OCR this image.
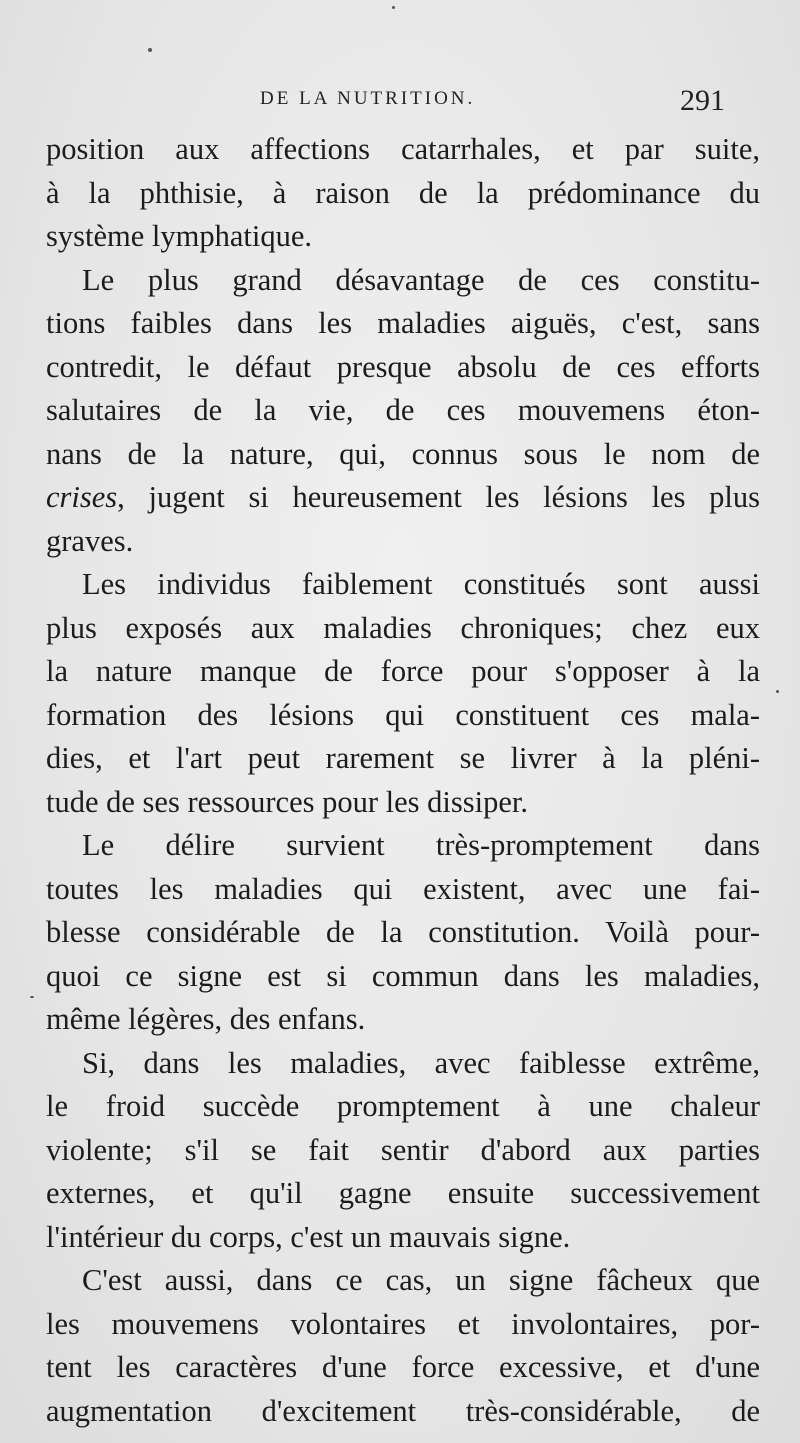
DE LA NUTRITION.	291
position aux affections catarrhales, et par suite,
à la phthisie, à raison de la prédominance du
système lymphatique.
Le plus grand désavantage de ces constitu-
tions faibles dans les maladies aiguës, c'est, sans
contredit, le défaut presque absolu de ces efforts
salutaires de la vie, de ces mouvemens éton-
nans de la nature, qui, connus sous le nom de
crises, jugent si heureusement les lésions les plus
graves.
Les individus faiblement constitués sont aussi
plus exposés aux maladies chroniques; chez eux
la nature manque de force pour s'opposer à la
formation des lésions qui constituent ces mala-
dies, et l'art peut rarement se livrer à la pléni-
tude de ses ressources pour les dissiper.
Le délire survient très-promptement dans
toutes les maladies qui existent, avec une fai-
blesse considérable de la constitution. Voilà pour-
quoi ce signe est si commun dans les maladies,
même légères, des enfans.
Si, dans les maladies, avec faiblesse extrême,
le froid succède promptement à une chaleur
violente; s'il se fait sentir d'abord aux parties
externes, et qu'il gagne ensuite successivement
l'intérieur du corps, c'est un mauvais signe.
C'est aussi, dans ce cas, un signe fâcheux que
les mouvemens volontaires et involontaires, por-
tent les caractères d'une force excessive, et d'une
augmentation d'excitement très-considérable, de
